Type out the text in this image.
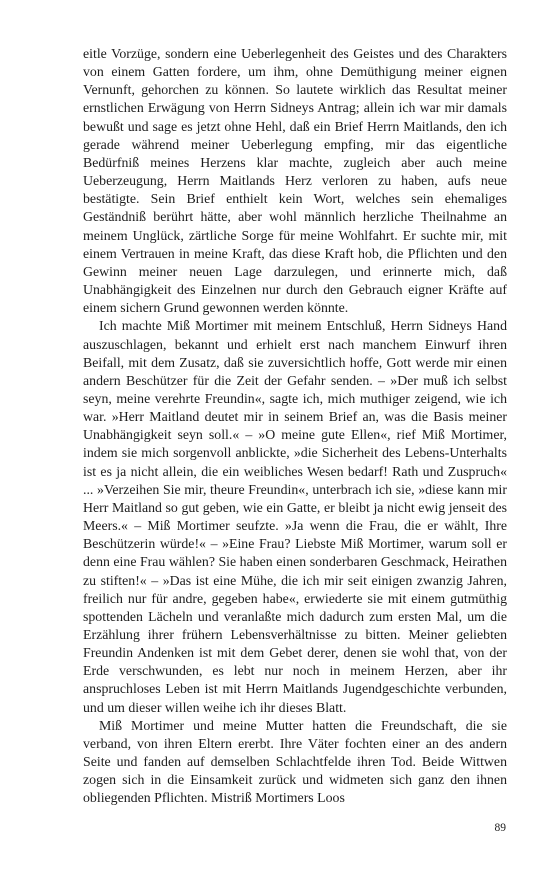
eitle Vorzüge, sondern eine Ueberlegenheit des Geistes und des Charakters von einem Gatten fordere, um ihm, ohne Demüthigung meiner eignen Vernunft, gehorchen zu können. So lautete wirklich das Resultat meiner ernstlichen Erwägung von Herrn Sidneys Antrag; allein ich war mir damals bewußt und sage es jetzt ohne Hehl, daß ein Brief Herrn Maitlands, den ich gerade während meiner Ueberlegung empfing, mir das eigentliche Bedürfniß meines Herzens klar machte, zugleich aber auch meine Ueberzeugung, Herrn Maitlands Herz verloren zu haben, aufs neue bestätigte. Sein Brief enthielt kein Wort, welches sein ehemaliges Geständniß berührt hätte, aber wohl männlich herzliche Theilnahme an meinem Unglück, zärtliche Sorge für meine Wohlfahrt. Er suchte mir, mit einem Vertrauen in meine Kraft, das diese Kraft hob, die Pflichten und den Gewinn meiner neuen Lage darzulegen, und erinnerte mich, daß Unabhängigkeit des Einzelnen nur durch den Gebrauch eigner Kräfte auf einem sichern Grund gewonnen werden könnte.

Ich machte Miß Mortimer mit meinem Entschluß, Herrn Sidneys Hand auszuschlagen, bekannt und erhielt erst nach manchem Einwurf ihren Beifall, mit dem Zusatz, daß sie zuversichtlich hoffe, Gott werde mir einen andern Beschützer für die Zeit der Gefahr senden. – »Der muß ich selbst seyn, meine verehrte Freundin«, sagte ich, mich muthiger zeigend, wie ich war. »Herr Maitland deutet mir in seinem Brief an, was die Basis meiner Unabhängigkeit seyn soll.« – »O meine gute Ellen«, rief Miß Mortimer, indem sie mich sorgenvoll anblickte, »die Sicherheit des Lebens-Unterhalts ist es ja nicht allein, die ein weibliches Wesen bedarf! Rath und Zuspruch« ... »Verzeihen Sie mir, theure Freundin«, unterbrach ich sie, »diese kann mir Herr Maitland so gut geben, wie ein Gatte, er bleibt ja nicht ewig jenseit des Meers.« – Miß Mortimer seufzte. »Ja wenn die Frau, die er wählt, Ihre Beschützerin würde!« – »Eine Frau? Liebste Miß Mortimer, warum soll er denn eine Frau wählen? Sie haben einen sonderbaren Geschmack, Heirathen zu stiften!« – »Das ist eine Mühe, die ich mir seit einigen zwanzig Jahren, freilich nur für andre, gegeben habe«, erwiederte sie mit einem gutmüthig spottenden Lächeln und veranlaßte mich dadurch zum ersten Mal, um die Erzählung ihrer frühern Lebensverhältnisse zu bitten. Meiner geliebten Freundin Andenken ist mit dem Gebet derer, denen sie wohl that, von der Erde verschwunden, es lebt nur noch in meinem Herzen, aber ihr anspruchloses Leben ist mit Herrn Maitlands Jugendgeschichte verbunden, und um dieser willen weihe ich ihr dieses Blatt.

Miß Mortimer und meine Mutter hatten die Freundschaft, die sie verband, von ihren Eltern ererbt. Ihre Väter fochten einer an des andern Seite und fanden auf demselben Schlachtfelde ihren Tod. Beide Wittwen zogen sich in die Einsamkeit zurück und widmeten sich ganz den ihnen obliegenden Pflichten. Mistriß Mortimers Loos

89
